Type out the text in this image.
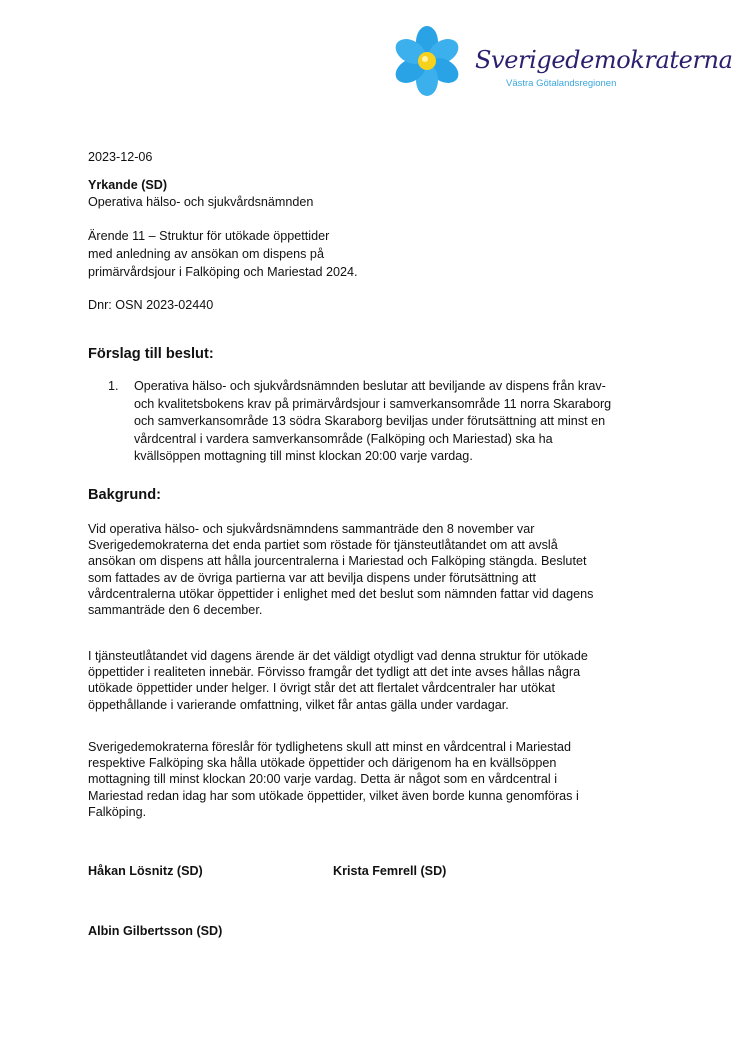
Sverigedemokraterna
Västra Götalandsregionen
2023-12-06
Yrkande (SD)
Operativa hälso- och sjukvårdsnämnden
Ärende 11 – Struktur för utökade öppettider
med anledning av ansökan om dispens på
primärvårdsjour i Falköping och Mariestad 2024.
Dnr: OSN 2023-02440
Förslag till beslut:
1. Operativa hälso- och sjukvårdsnämnden beslutar att beviljande av dispens från krav-
och kvalitetsbokens krav på primärvårdsjour i samverkansområde 11 norra Skaraborg
och samverkansområde 13 södra Skaraborg beviljas under förutsättning att minst en
vårdcentral i vardera samverkansområde (Falköping och Mariestad) ska ha
kvällsöppen mottagning till minst klockan 20:00 varje vardag.
Bakgrund:
Vid operativa hälso- och sjukvårdsnämndens sammanträde den 8 november var
Sverigedemokraterna det enda partiet som röstade för tjänsteutlåtandet om att avslå
ansökan om dispens att hålla jourcentralerna i Mariestad och Falköping stängda. Beslutet
som fattades av de övriga partierna var att bevilja dispens under förutsättning att
vårdcentralerna utökar öppettider i enlighet med det beslut som nämnden fattar vid dagens
sammanträde den 6 december.
I tjänsteutlåtandet vid dagens ärende är det väldigt otydligt vad denna struktur för utökade
öppettider i realiteten innebär. Förvisso framgår det tydligt att det inte avses hållas några
utökade öppettider under helger. I övrigt står det att flertalet vårdcentraler har utökat
öppethållande i varierande omfattning, vilket får antas gälla under vardagar.
Sverigedemokraterna föreslår för tydlighetens skull att minst en vårdcentral i Mariestad
respektive Falköping ska hålla utökade öppettider och därigenom ha en kvällsöppen
mottagning till minst klockan 20:00 varje vardag. Detta är något som en vårdcentral i
Mariestad redan idag har som utökade öppettider, vilket även borde kunna genomföras i
Falköping.
Håkan Lösnitz (SD)	Krista Femrell (SD)
Albin Gilbertsson (SD)
